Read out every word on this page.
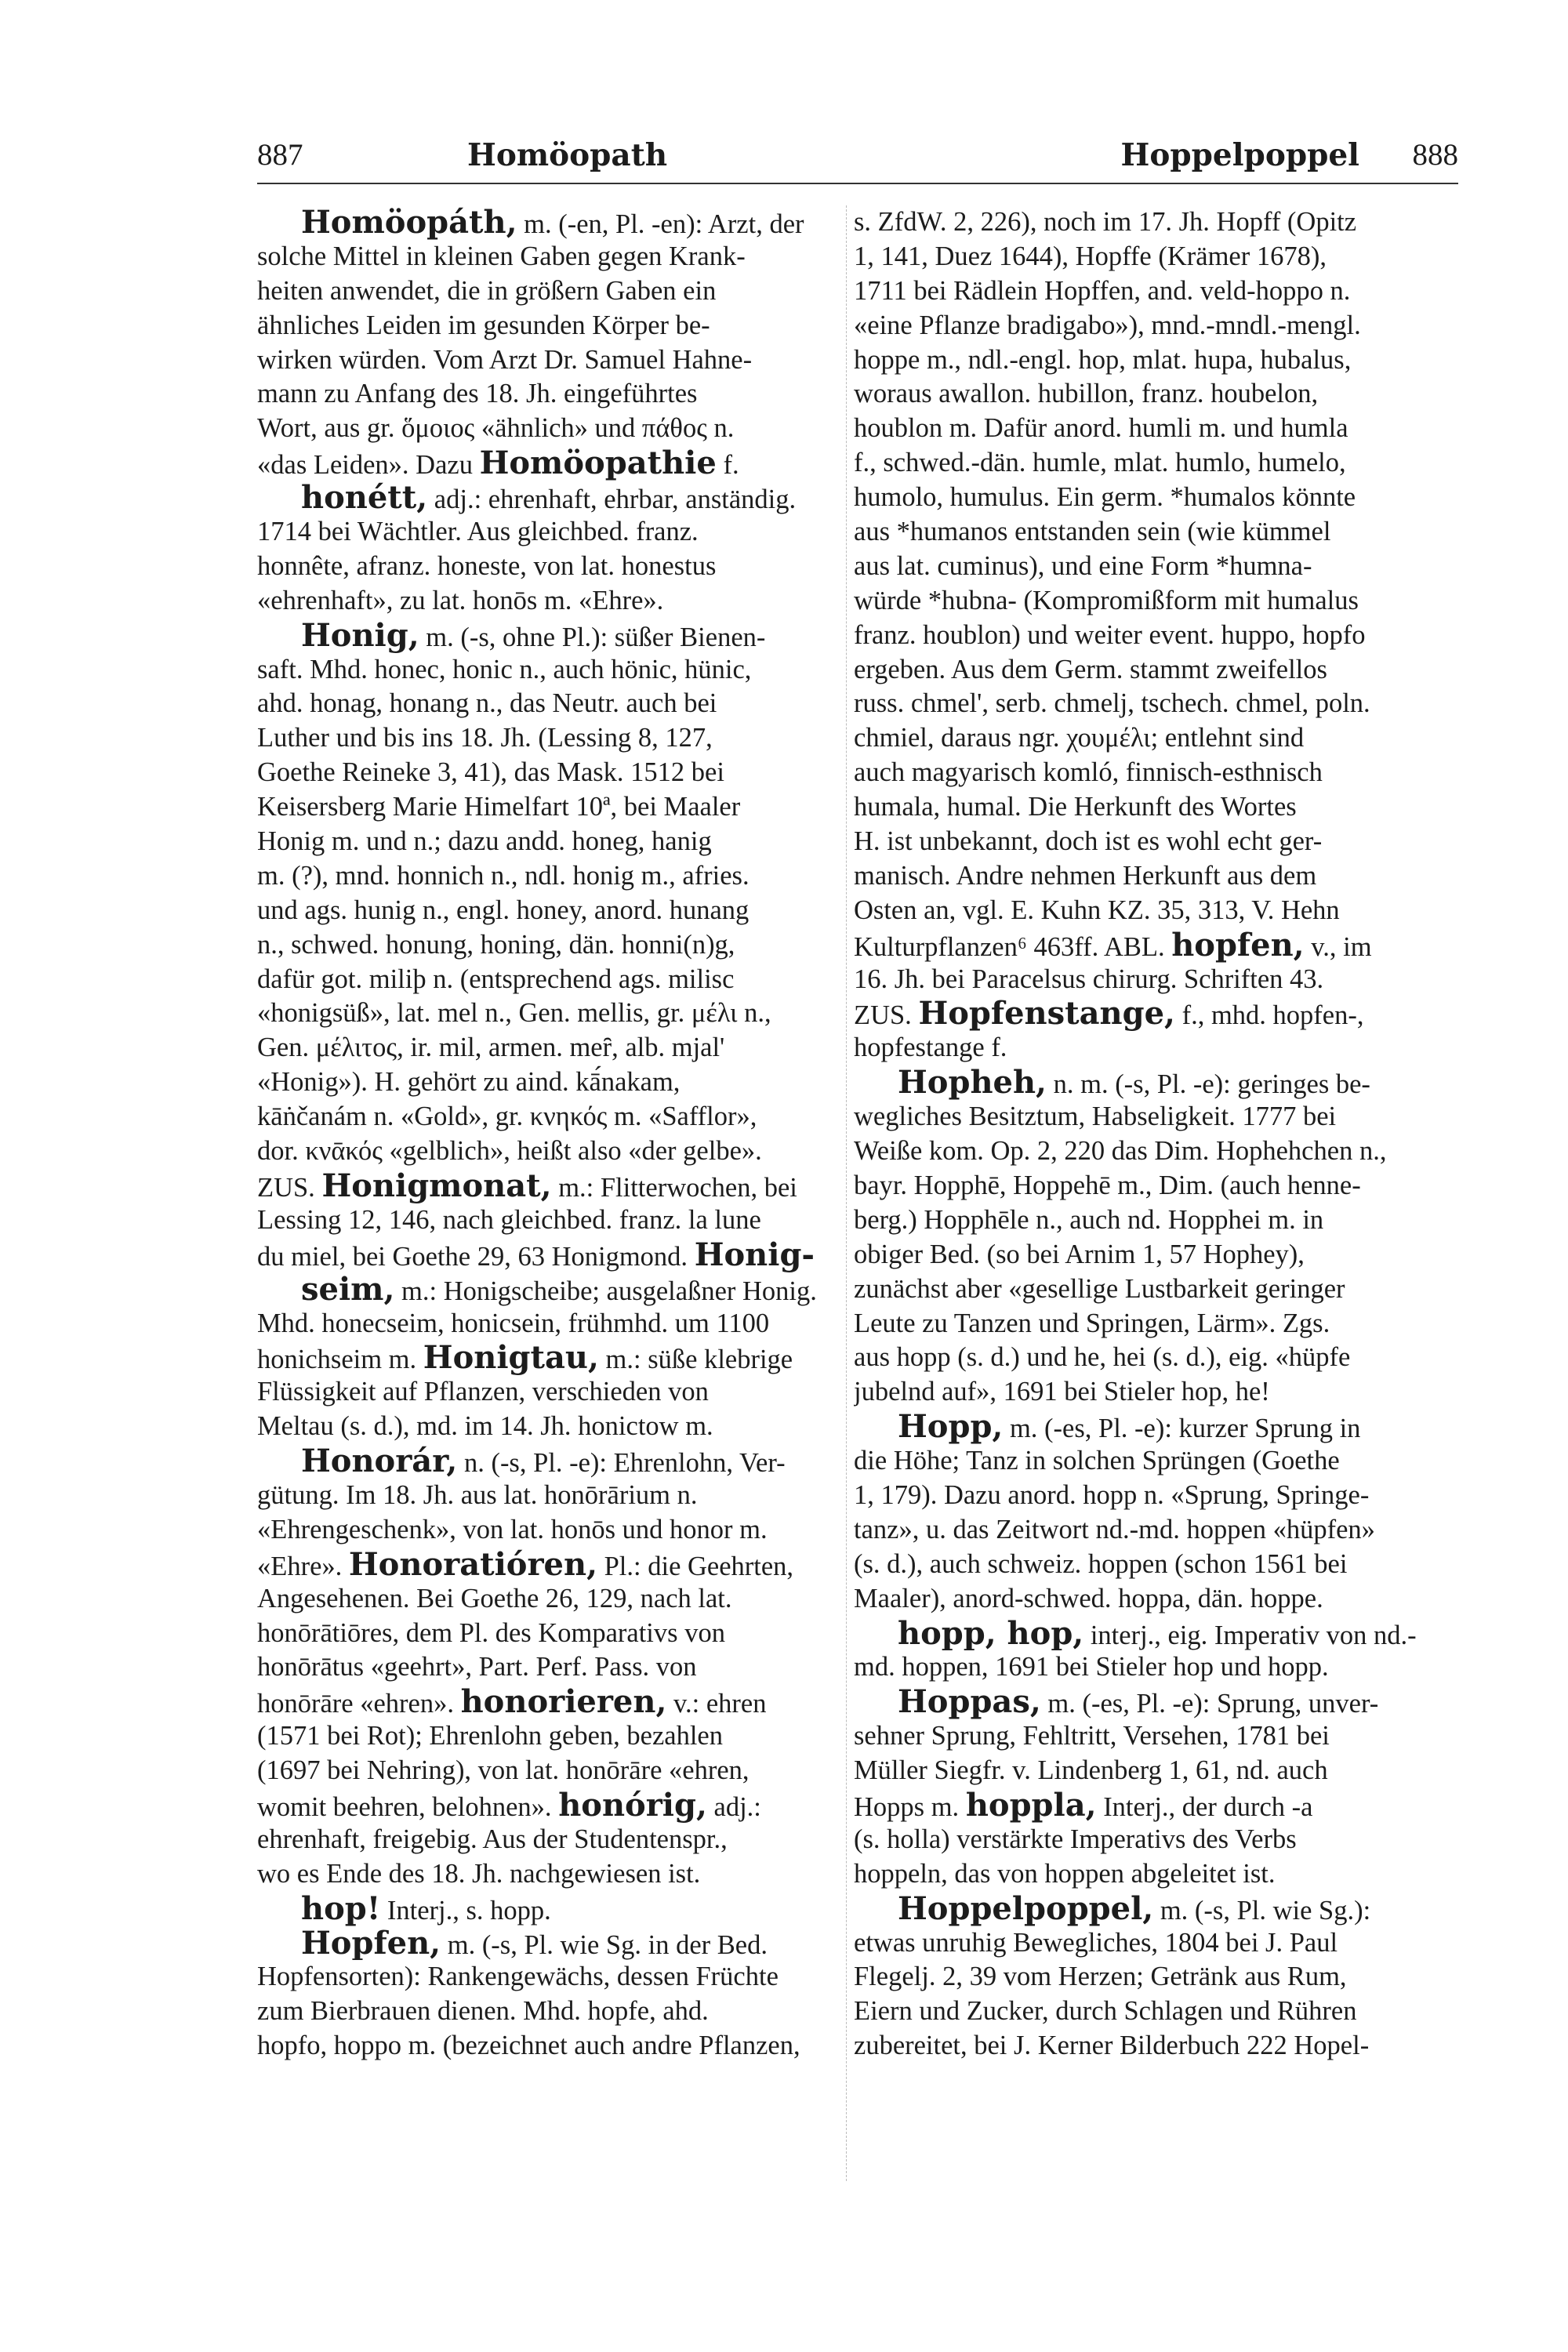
887	Homöopath	Hoppelpoppel 888
Homöopáth, m. (-en, Pl. -en): Arzt, der
solche Mittel in kleinen Gaben gegen Krank-
heiten anwendet, die in größern Gaben ein
ähnliches Leiden im gesunden Körper be-
wirken würden. Vom Arzt Dr. Samuel Hahne-
mann zu Anfang des 18. Jh. eingeführtes
Wort, aus gr. ὅμοιος «ähnlich» und πάθος n.
«das Leiden». Dazu Homöopathie f.
honétt, adj.: ehrenhaft, ehrbar, anständig.
1714 bei Wächtler. Aus gleichbed. franz.
honnête, afranz. honeste, von lat. honestus
«ehrenhaft», zu lat. honōs m. «Ehre».
Honig, m. (-s, ohne Pl.): süßer Bienen-
saft. Mhd. honec, honic n., auch hönic, hünic,
ahd. honag, honang n., das Neutr. auch bei
Luther und bis ins 18. Jh. (Lessing 8, 127,
Goethe Reineke 3, 41), das Mask. 1512 bei
Keisersberg Marie Himelfart 10ª, bei Maaler
Honig m. und n.; dazu andd. honeg, hanig
m. (?), mnd. honnich n., ndl. honig m., afries.
und ags. hunig n., engl. honey, anord. hunang
n., schwed. honung, honing, dän. honni(n)g,
dafür got. miliþ n. (entsprechend ags. milisc
«honigsüß», lat. mel n., Gen. mellis, gr. μέλι n.,
Gen. μέλιτος, ir. mil, armen. meȓ, alb. mjal'
«Honig»). H. gehört zu aind. kā́nakam,
kāṅčanám n. «Gold», gr. κνηκός m. «Safflor»,
dor. κνᾱκός «gelblich», heißt also «der gelbe».
ZUS. Honigmonat, m.: Flitterwochen, bei
Lessing 12, 146, nach gleichbed. franz. la lune
du miel, bei Goethe 29, 63 Honigmond. Honig-
seim, m.: Honigscheibe; ausgelaßner Honig.
Mhd. honecseim, honicsein, frühmhd. um 1100
honichseim m. Honigtau, m.: süße klebrige
Flüssigkeit auf Pflanzen, verschieden von
Meltau (s. d.), md. im 14. Jh. honictow m.
Honorár, n. (-s, Pl. -e): Ehrenlohn, Ver-
gütung. Im 18. Jh. aus lat. honōrārium n.
«Ehrengeschenk», von lat. honōs und honor m.
«Ehre». Honoratióren, Pl.: die Geehrten,
Angesehenen. Bei Goethe 26, 129, nach lat.
honōrātiōres, dem Pl. des Komparativs von
honōrātus «geehrt», Part. Perf. Pass. von
honōrāre «ehren». honorieren, v.: ehren
(1571 bei Rot); Ehrenlohn geben, bezahlen
(1697 bei Nehring), von lat. honōrāre «ehren,
womit beehren, belohnen». honórig, adj.:
ehrenhaft, freigebig. Aus der Studentenspr.,
wo es Ende des 18. Jh. nachgewiesen ist.
hop! Interj., s. hopp.
Hopfen, m. (-s, Pl. wie Sg. in der Bed.
Hopfensorten): Rankengewächs, dessen Früchte
zum Bierbrauen dienen. Mhd. hopfe, ahd.
hopfo, hoppo m. (bezeichnet auch andre Pflanzen,
s. ZfdW. 2, 226), noch im 17. Jh. Hopff (Opitz
1, 141, Duez 1644), Hopffe (Krämer 1678),
1711 bei Rädlein Hopffen, and. veld-hoppo n.
«eine Pflanze bradigabo»), mnd.-mndl.-mengl.
hoppe m., ndl.-engl. hop, mlat. hupa, hubalus,
woraus awallon. hubillon, franz. houbelon,
houblon m. Dafür anord. humli m. und humla
f., schwed.-dän. humle, mlat. humlo, humelo,
humolo, humulus. Ein germ. *humalos könnte
aus *humanos entstanden sein (wie kümmel
aus lat. cuminus), und eine Form *humna-
würde *hubna- (Kompromißform mit humalus
franz. houblon) und weiter event. huppo, hopfo
ergeben. Aus dem Germ. stammt zweifellos
russ. chmel', serb. chmelj, tschech. chmel, poln.
chmiel, daraus ngr. χουμέλι; entlehnt sind
auch magyarisch komló, finnisch-esthnisch
humala, humal. Die Herkunft des Wortes
H. ist unbekannt, doch ist es wohl echt ger-
manisch. Andre nehmen Herkunft aus dem
Osten an, vgl. E. Kuhn KZ. 35, 313, V. Hehn
Kulturpflanzen⁶ 463ff. ABL. hopfen, v., im
16. Jh. bei Paracelsus chirurg. Schriften 43.
ZUS. Hopfenstange, f., mhd. hopfen-,
hopfestange f.
Hopheh, n. m. (-s, Pl. -e): geringes be-
wegliches Besitztum, Habseligkeit. 1777 bei
Weiße kom. Op. 2, 220 das Dim. Hophehchen n.,
bayr. Hopphē, Hoppehē m., Dim. (auch henne-
berg.) Hopphēle n., auch nd. Hopphei m. in
obiger Bed. (so bei Arnim 1, 57 Hophey),
zunächst aber «gesellige Lustbarkeit geringer
Leute zu Tanzen und Springen, Lärm». Zgs.
aus hopp (s. d.) und he, hei (s. d.), eig. «hüpfe
jubelnd auf», 1691 bei Stieler hop, he!
Hopp, m. (-es, Pl. -e): kurzer Sprung in
die Höhe; Tanz in solchen Sprüngen (Goethe
1, 179). Dazu anord. hopp n. «Sprung, Springe-
tanz», u. das Zeitwort nd.-md. hoppen «hüpfen»
(s. d.), auch schweiz. hoppen (schon 1561 bei
Maaler), anord-schwed. hoppa, dän. hoppe.
hopp, hop, interj., eig. Imperativ von nd.-
md. hoppen, 1691 bei Stieler hop und hopp.
Hoppas, m. (-es, Pl. -e): Sprung, unver-
sehner Sprung, Fehltritt, Versehen, 1781 bei
Müller Siegfr. v. Lindenberg 1, 61, nd. auch
Hopps m. hoppla, Interj., der durch -a
(s. holla) verstärkte Imperativs des Verbs
hoppeln, das von hoppen abgeleitet ist.
Hoppelpoppel, m. (-s, Pl. wie Sg.):
etwas unruhig Bewegliches, 1804 bei J. Paul
Flegelj. 2, 39 vom Herzen; Getränk aus Rum,
Eiern und Zucker, durch Schlagen und Rühren
zubereitet, bei J. Kerner Bilderbuch 222 Hopel-
